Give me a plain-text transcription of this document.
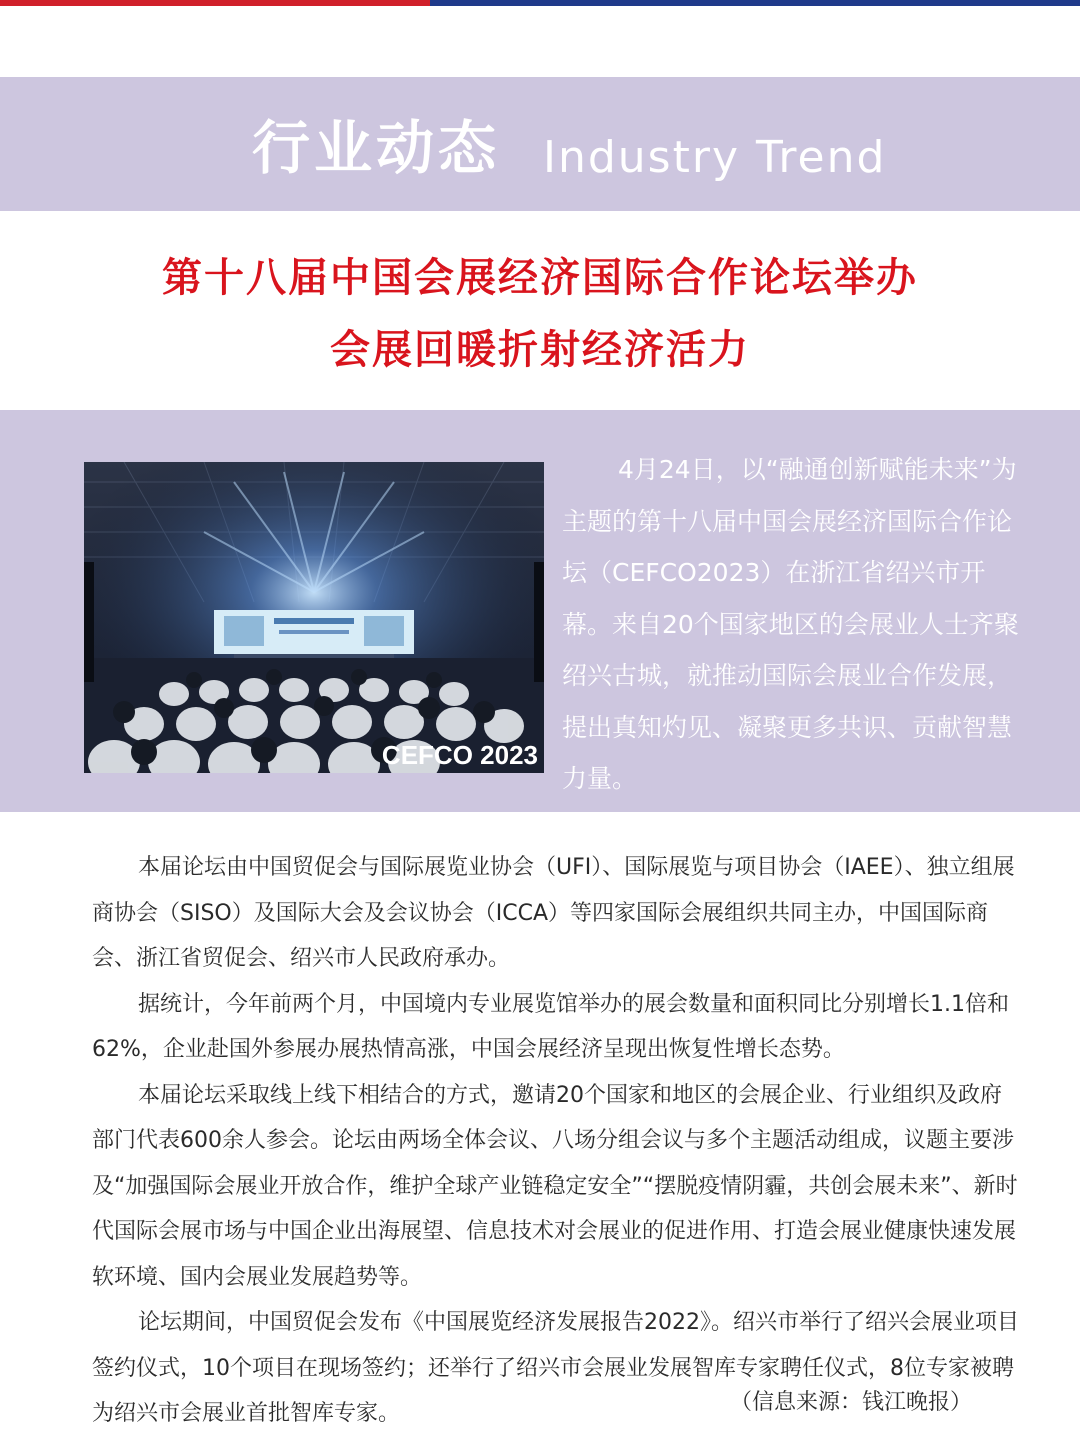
行业动态 Industry Trend
第十八届中国会展经济国际合作论坛举办
会展回暖折射经济活力
CEFCO 2023

4月24日，以“融通创新赋能未来”为主题的第十八届中国会展经济国际合作论坛（CEFCO2023）在浙江省绍兴市开幕。来自20个国家地区的会展业人士齐聚绍兴古城，就推动国际会展业合作发展，提出真知灼见、凝聚更多共识、贡献智慧力量。

本届论坛由中国贸促会与国际展览业协会（UFI）、国际展览与项目协会（IAEE）、独立组展商协会（SISO）及国际大会及会议协会（ICCA）等四家国际会展组织共同主办，中国国际商会、浙江省贸促会、绍兴市人民政府承办。

据统计，今年前两个月，中国境内专业展览馆举办的展会数量和面积同比分别增长1.1倍和62%，企业赴国外参展办展热情高涨，中国会展经济呈现出恢复性增长态势。

本届论坛采取线上线下相结合的方式，邀请20个国家和地区的会展企业、行业组织及政府部门代表600余人参会。论坛由两场全体会议、八场分组会议与多个主题活动组成，议题主要涉及“加强国际会展业开放合作，维护全球产业链稳定安全”“摆脱疫情阴霾，共创会展未来”、新时代国际会展市场与中国企业出海展望、信息技术对会展业的促进作用、打造会展业健康快速发展软环境、国内会展业发展趋势等。

论坛期间，中国贸促会发布《中国展览经济发展报告2022》。绍兴市举行了绍兴会展业项目签约仪式，10个项目在现场签约；还举行了绍兴市会展业发展智库专家聘任仪式，8位专家被聘为绍兴市会展业首批智库专家。	（信息来源：钱江晚报）
